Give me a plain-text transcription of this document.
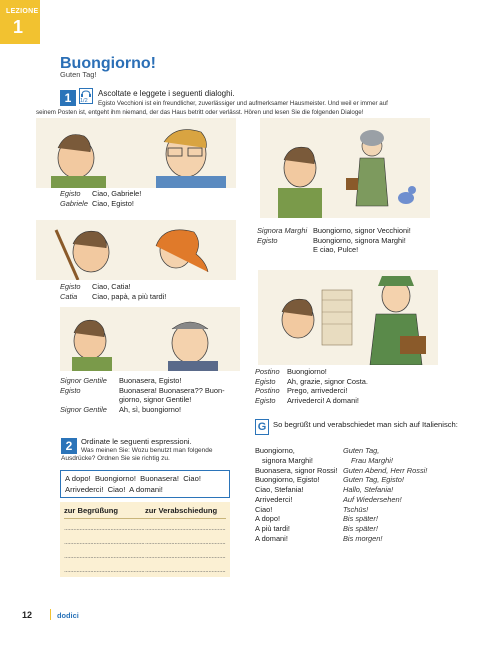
LEZIONE
1
Buongiorno!
Guten Tag!
1	1/2
Ascoltate e leggete i seguenti dialoghi.
Egisto Vecchioni ist ein freundlicher, zuverlässiger und aufmerksamer Hausmeister. Und weil er immer auf
seinem Posten ist, entgeht ihm niemand, der das Haus betritt oder verlässt. Hören und lesen Sie die folgenden Dialoge!
Egisto	Ciao, Gabriele!
Gabriele Ciao, Egisto!
Signora Marghi Buongiorno, signor Vecchioni!
Egisto	Buongiorno, signora Marghi!
E ciao, Pulce!
Egisto	Ciao, Catia!
Catia	Ciao, papà, a più tardi!
Signor Gentile	Buonasera, Egisto!
Egisto	Buonasera! Buonasera?? Buon-
giorno, signor Gentile!
Signor Gentile	Ah, sì, buongiorno!
Postino Buongiorno!
Egisto	Ah, grazie, signor Costa.
Postino Prego, arrivederci!
Egisto	Arrivederci! A domani!
2	Ordinate le seguenti espressioni.
Was meinen Sie: Wozu benutzt man folgende Ausdrücke? Ordnen Sie sie richtig zu.
A dopo!  Buongiorno!  Buonasera!  Ciao!
Arrivederci!  Ciao!  A domani!
zur Begrüßung	zur Verabschiedung
.................................................... ....................................................
.................................................... ....................................................
.................................................... ....................................................
.................................................... ....................................................
G So begrüßt und verabschiedet man sich auf Italienisch:
Buongiorno,	Guten Tag,
signora Marghi!	Frau Marghi!
Buonasera, signor Rossi! Guten Abend, Herr Rossi!
Buongiorno, Egisto!	Guten Tag, Egisto!
Ciao, Stefania!	Hallo, Stefania!
Arrivederci!	Auf Wiedersehen!
Ciao!	Tschüs!
A dopo!	Bis später!
A più tardi!	Bis später!
A domani!	Bis morgen!
12	dodici
